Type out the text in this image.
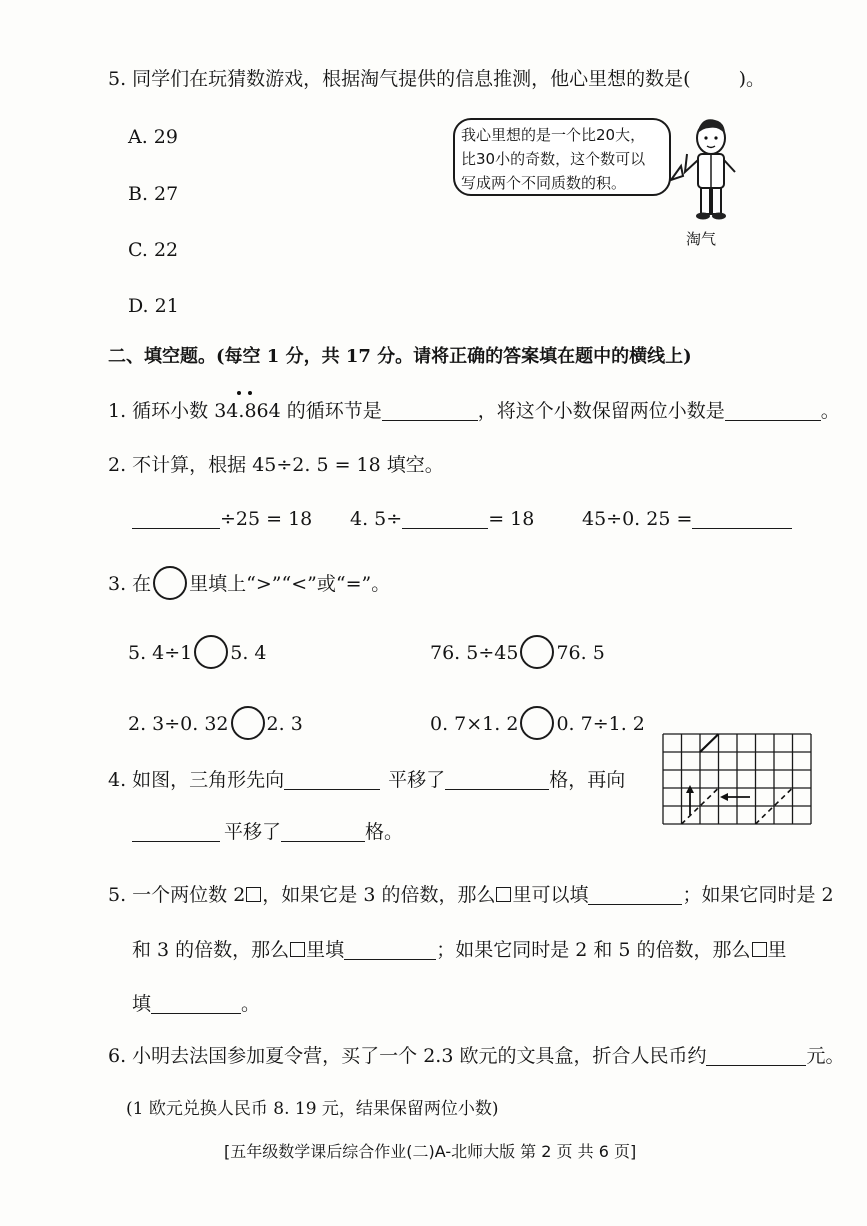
5. 同学们在玩猜数游戏，根据淘气提供的信息推测，他心里想的数是(	)。
A. 29
B. 27
C. 22
D. 21
我心里想的是一个比20大，
比30小的奇数，这个数可以
写成两个不同质数的积。
淘气
二、填空题。(每空 1 分，共 17 分。请将正确的答案填在题中的横线上)
1. 循环小数 34.864 的循环节是	，将这个小数保留两位小数是	。
2. 不计算，根据 45÷2. 5 = 18 填空。
÷25 = 18 4. 5÷	= 18	45÷0. 25 =
3. 在 里填上“>”“<”或“=”。
5. 4÷1 5. 4	76. 5÷45 76. 5
2. 3÷0. 32 2. 3	0. 7×1. 2 0. 7÷1. 2
4. 如图，三角形先向	平移了	格，再向
平移了	格。
5. 一个两位数 2 ，如果它是 3 的倍数，那么 里可以填	；如果它同时是 2
和 3 的倍数，那么 里填	；如果它同时是 2 和 5 的倍数，那么 里
填	。
6. 小明去法国参加夏令营，买了一个 2.3 欧元的文具盒，折合人民币约	元。
(1 欧元兑换人民币 8. 19 元，结果保留两位小数)
[五年级数学课后综合作业(二)A-北师大版 第 2 页 共 6 页]
